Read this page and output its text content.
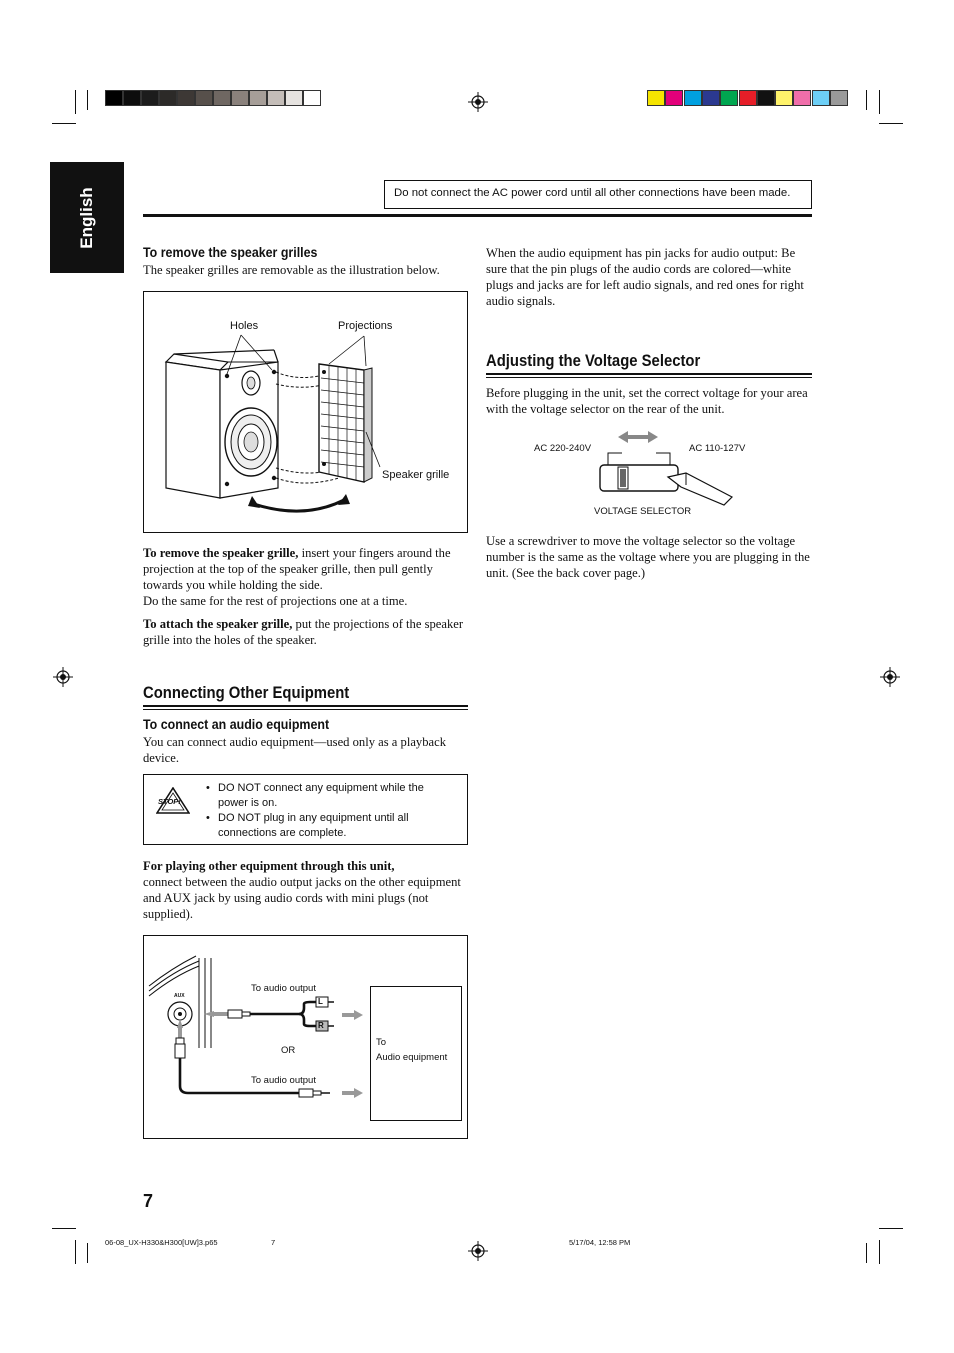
English	Do not connect the AC power cord until all other connections have been made.
To remove the speaker grilles
The speaker grilles are removable as the illustration below.
Holes	Projections
Speaker grille
To remove the speaker grille, insert your fingers around the projection at the top of the speaker grille, then pull gently towards you while holding the side.
Do the same for the rest of projections one at a time.
To attach the speaker grille, put the projections of the speaker grille into the holes of the speaker.
Connecting Other Equipment
To connect an audio equipment
You can connect audio equipment—used only as a playback device.
STOP!
• DO NOT connect any equipment while the power is on.
• DO NOT plug in any equipment until all connections are complete.
For playing other equipment through this unit,
connect between the audio output jacks on the other equipment and AUX jack by using audio cords with mini plugs (not supplied).
AUX
To audio output
L
R
OR
To audio output
To
Audio equipment
When the audio equipment has pin jacks for audio output: Be sure that the pin plugs of the audio cords are colored—white plugs and jacks are for left audio signals, and red ones for right audio signals.
Adjusting the Voltage Selector
Before plugging in the unit, set the correct voltage for your area with the voltage selector on the rear of the unit.
AC 220-240V	AC 110-127V
VOLTAGE SELECTOR
Use a screwdriver to move the voltage selector so the voltage number is the same as the voltage where you are plugging in the unit. (See the back cover page.)
7
06-08_UX-H330&H300[UW]3.p65	7	5/17/04, 12:58 PM
